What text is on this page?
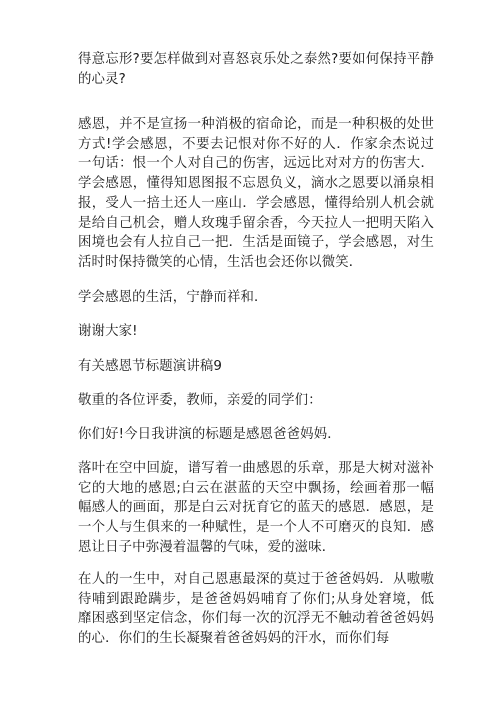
得意忘形?要怎样做到对喜怒哀乐处之泰然?要如何保持平静的心灵?

感恩，并不是宣扬一种消极的宿命论，而是一种积极的处世方式!学会感恩，不要去记恨对你不好的人．作家余杰说过一句话：恨一个人对自己的伤害，远远比对对方的伤害大．学会感恩，懂得知恩图报不忘恩负义，滴水之恩要以涌泉相报，受人一掊土还人一座山．学会感恩，懂得给别人机会就是给自己机会，赠人玫瑰手留余香，今天拉人一把明天陷入困境也会有人拉自己一把．生活是面镜子，学会感恩，对生活时时保持微笑的心情，生活也会还你以微笑．

学会感恩的生活，宁静而祥和．

谢谢大家!

有关感恩节标题演讲稿9

敬重的各位评委，教师，亲爱的同学们：

你们好!今日我讲演的标题是感恩爸爸妈妈．

落叶在空中回旋，谱写着一曲感恩的乐章，那是大树对滋补它的大地的感恩;白云在湛蓝的天空中飘扬，绘画着那一幅幅感人的画面，那是白云对抚育它的蓝天的感恩．感恩，是一个人与生俱来的一种赋性，是一个人不可磨灭的良知．感恩让日子中弥漫着温馨的气味，爱的滋味．

在人的一生中，对自己恩惠最深的莫过于爸爸妈妈．从嗷嗷待哺到跟跄蹒步，是爸爸妈妈哺育了你们;从身处窘境，低靡困惑到坚定信念，你们每一次的沉浮无不触动着爸爸妈妈的心．你们的生长凝聚着爸爸妈妈的汗水，而你们每
